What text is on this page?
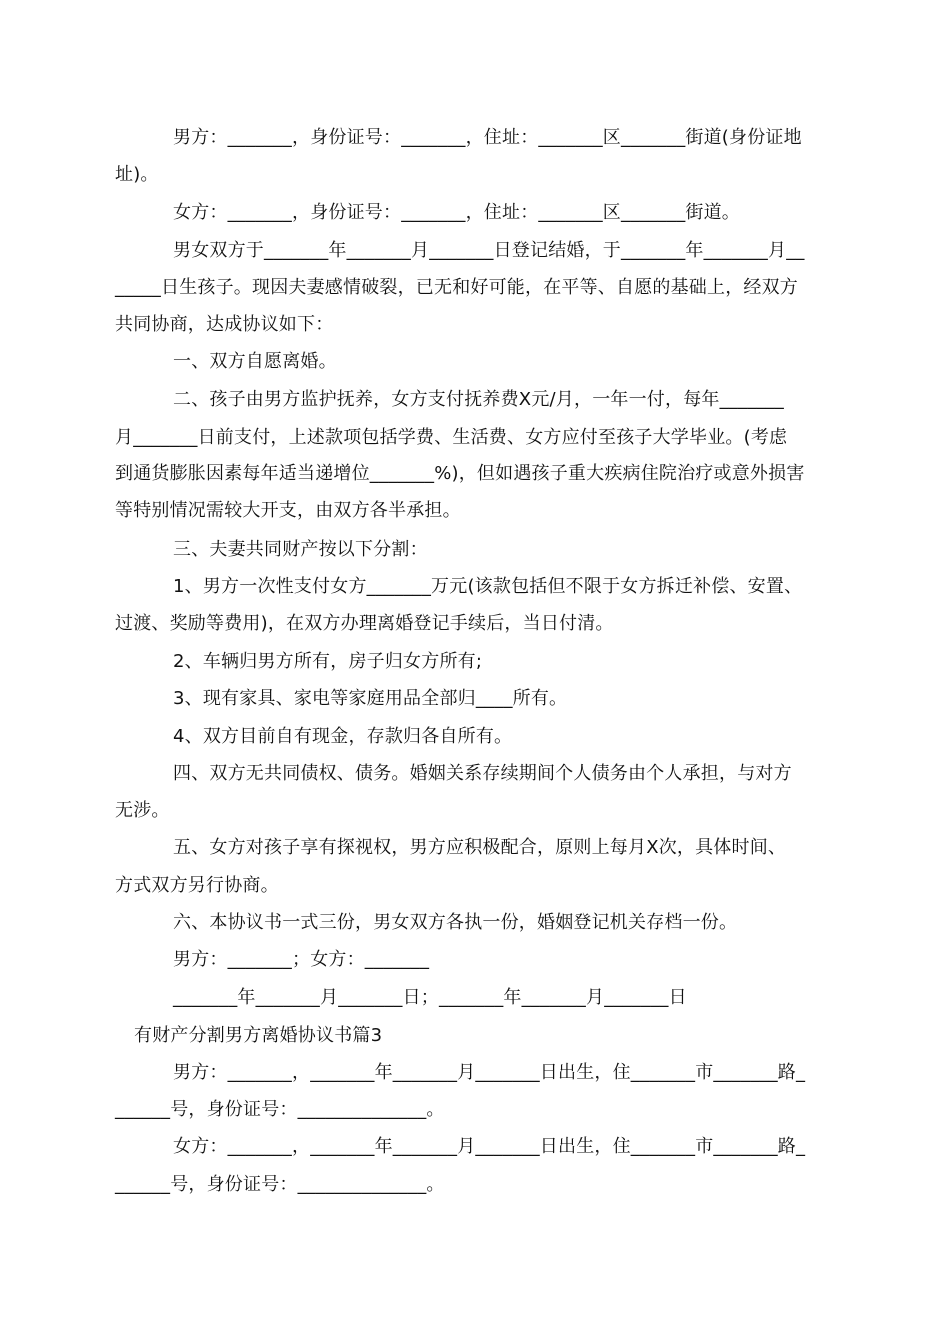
男方：_______，身份证号：_______，住址：_______区_______街道(身份证地
址)。
女方：_______，身份证号：_______，住址：_______区_______街道。
男女双方于_______年_______月_______日登记结婚，于_______年_______月__
_____日生孩子。现因夫妻感情破裂，已无和好可能，在平等、自愿的基础上，经双方
共同协商，达成协议如下：
一、双方自愿离婚。
二、孩子由男方监护抚养，女方支付抚养费X元/月，一年一付，每年_______
月_______日前支付，上述款项包括学费、生活费、女方应付至孩子大学毕业。(考虑
到通货膨胀因素每年适当递增位_______%)，但如遇孩子重大疾病住院治疗或意外损害
等特别情况需较大开支，由双方各半承担。
三、夫妻共同财产按以下分割：
1、男方一次性支付女方_______万元(该款包括但不限于女方拆迁补偿、安置、
过渡、奖励等费用)，在双方办理离婚登记手续后，当日付清。
2、车辆归男方所有，房子归女方所有;
3、现有家具、家电等家庭用品全部归____所有。
4、双方目前自有现金，存款归各自所有。
四、双方无共同债权、债务。婚姻关系存续期间个人债务由个人承担，与对方
无涉。
五、女方对孩子享有探视权，男方应积极配合，原则上每月X次，具体时间、
方式双方另行协商。
六、本协议书一式三份，男女双方各执一份，婚姻登记机关存档一份。
男方：_______；女方：_______
_______年_______月_______日；_______年_______月_______日
有财产分割男方离婚协议书篇3
男方：_______，_______年_______月_______日出生，住_______市_______路_
______号，身份证号：______________。
女方：_______，_______年_______月_______日出生，住_______市_______路_
______号，身份证号：______________。
